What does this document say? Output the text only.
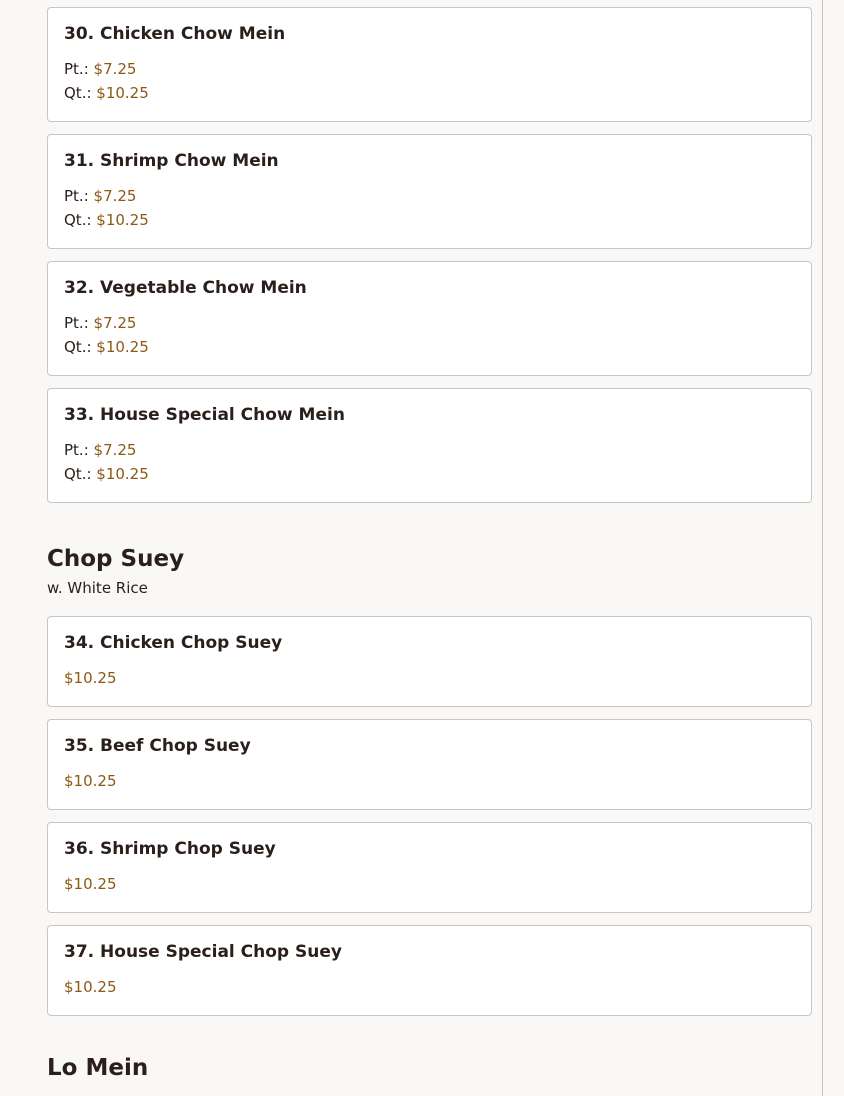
30. Chicken Chow Mein
Pt.: $7.25
Qt.: $10.25
31. Shrimp Chow Mein
Pt.: $7.25
Qt.: $10.25
32. Vegetable Chow Mein
Pt.: $7.25
Qt.: $10.25
33. House Special Chow Mein
Pt.: $7.25
Qt.: $10.25
Chop Suey
w. White Rice
34. Chicken Chop Suey
$10.25
35. Beef Chop Suey
$10.25
36. Shrimp Chop Suey
$10.25
37. House Special Chop Suey
$10.25
Lo Mein
